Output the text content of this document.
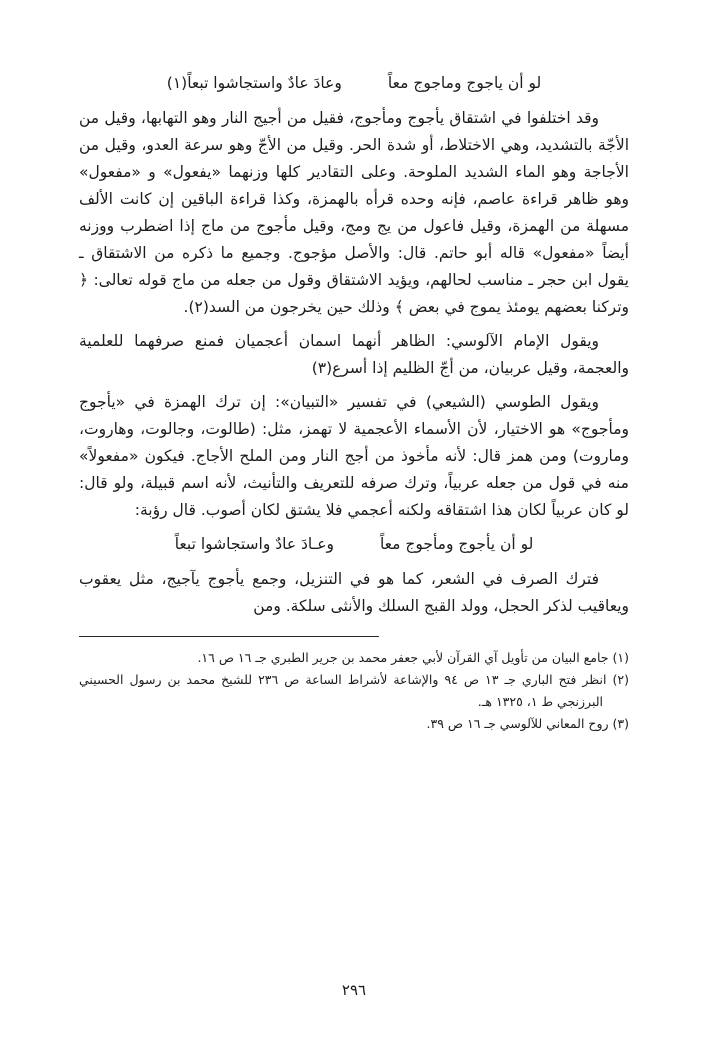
لو أن ياجوج وماجوج معاً
وعادَ عادٌ واستجاشوا تبعاً(١)

وقد اختلفوا في اشتقاق يأجوج ومأجوج، فقيل من أجيج النار وهو التهابها، وقيل من الأجّة بالتشديد، وهي الاختلاط، أو شدة الحر. وقيل من الأجّ وهو سرعة العدو، وقيل من الأجاجة وهو الماء الشديد الملوحة. وعلى التقادير كلها وزنهما «يفعول» و «مفعول» وهو ظاهر قراءة عاصم، فإنه وحده قرأه بالهمزة، وكذا قراءة الباقين إن كانت الألف مسهلة من الهمزة، وقيل فاعول من يج ومج، وقيل مأجوج من ماج إذا اضطرب ووزنه أيضاً «مفعول» قاله أبو حاتم. قال: والأصل مؤجوج. وجميع ما ذكره من الاشتقاق ـ يقول ابن حجر ـ مناسب لحالهم، ويؤيد الاشتقاق وقول من جعله من ماج قوله تعالى: ﴿ وتركنا بعضهم يومئذ يموج في بعض ﴾ وذلك حين يخرجون من السد(٢).

ويقول الإمام الآلوسي: الظاهر أنهما اسمان أعجميان فمنع صرفهما للعلمية والعجمة، وقيل عربيان، من أجّ الظليم إذا أسرع(٣)

ويقول الطوسي (الشيعي) في تفسير «التبيان»: إن ترك الهمزة في «يأجوج ومأجوج» هو الاختيار، لأن الأسماء الأعجمية لا تهمز، مثل: (طالوت، وجالوت، وهاروت، وماروت) ومن همز قال: لأنه مأخوذ من أجج النار ومن الملح الأجاج. فيكون «مفعولاً» منه في قول من جعله عربياً، وترك صرفه للتعريف والتأنيث، لأنه اسم قبيلة، ولو قال: لو كان عربياً لكان هذا اشتقاقه ولكنه أعجمي فلا يشتق لكان أصوب. قال رؤبة:

لو أن يأجوج ومأجوج معاً
وعـادَ عادٌ واستجاشوا تبعاً

فترك الصرف في الشعر، كما هو في التنزيل، وجمع يأجوج يآجيج، مثل يعقوب ويعاقيب لذكر الحجل، وولد القبج السلك والأنثى سلكة. ومن

(١) جامع البيان من تأويل آي القرآن لأبي جعفر محمد بن جرير الطبري جـ ١٦ ص ١٦.

(٢) انظر فتح الباري جـ ١٣ ص ٩٤ والإشاعة لأشراط الساعة ص ٢٣٦ للشيخ محمد بن رسول الحسيني البرزنجي ط ١، ١٣٢٥ هـ.

(٣) روح المعاني للآلوسي جـ ١٦ ص ٣٩.

٢٩٦
